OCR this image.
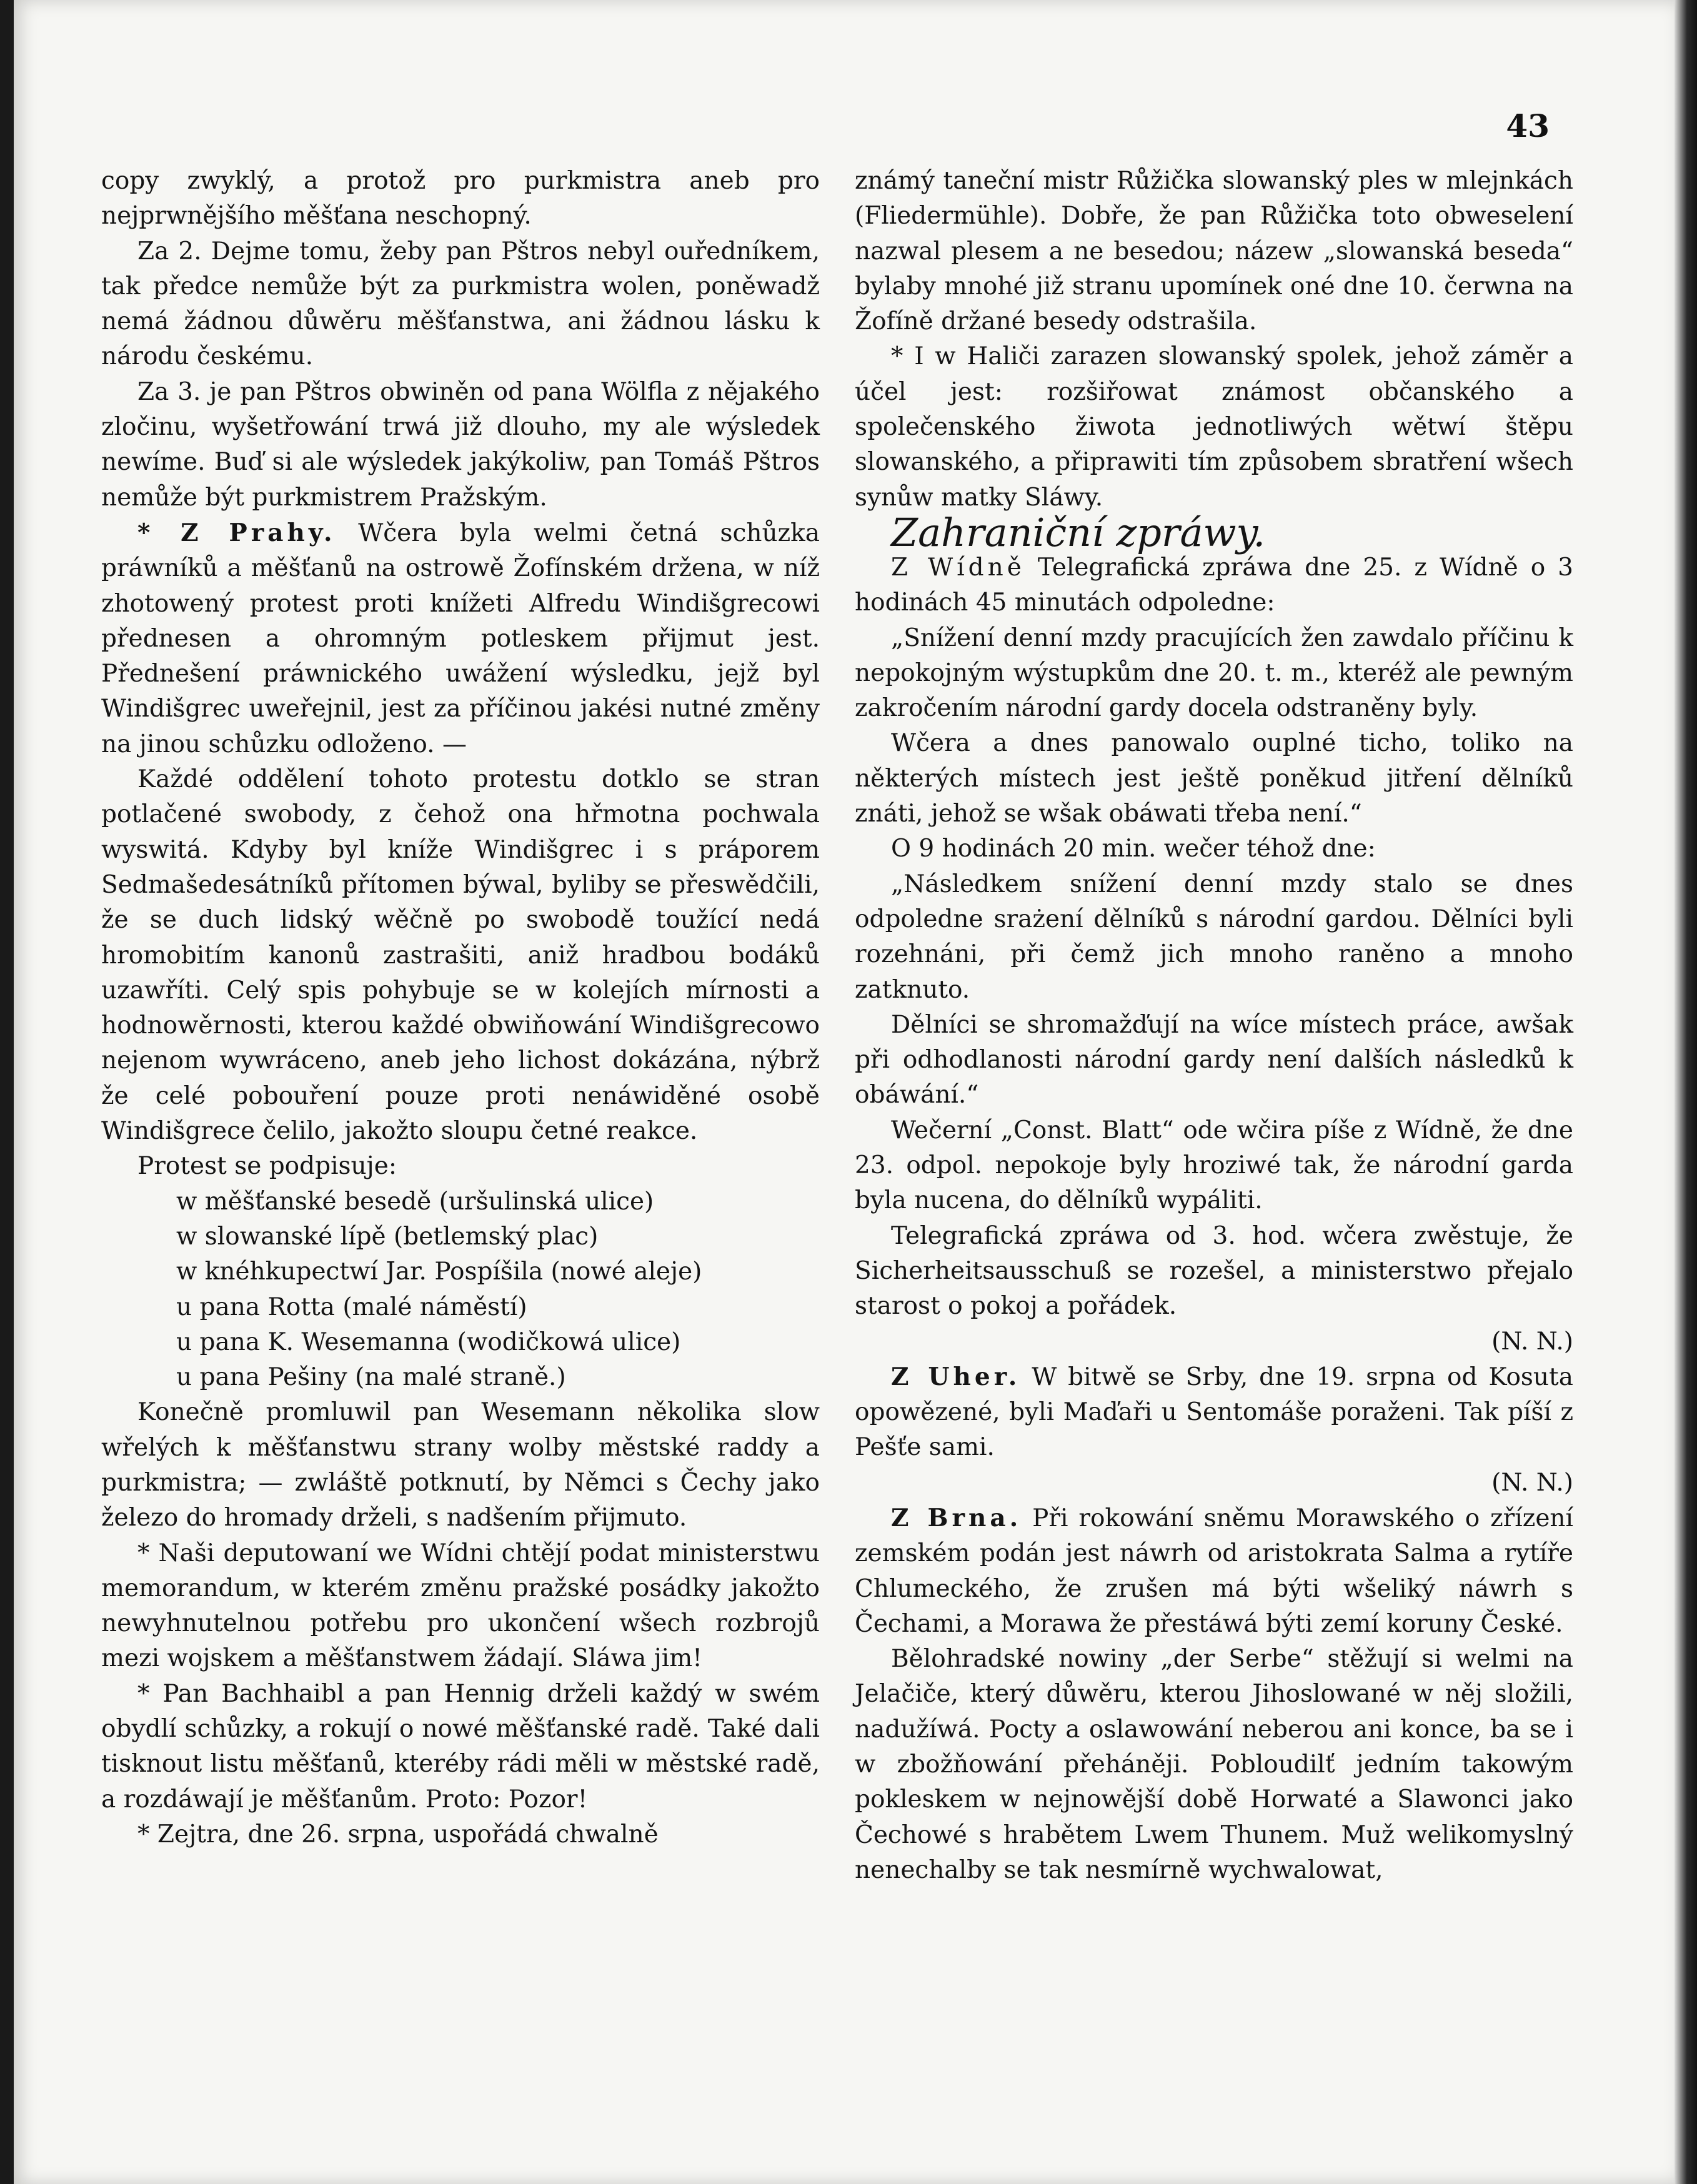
43

copy zwyklý, a protož pro purkmistra aneb pro nejprwnějšího měšťana neschopný.

Za 2. Dejme tomu, žeby pan Pštros nebyl ouředníkem, tak předce nemůže být za purkmistra wolen, poněwadž nemá žádnou důwěru měšťanstwa, ani žádnou lásku k národu českému.

Za 3. je pan Pštros obwiněn od pana Wölfla z nějakého zločinu, wyšetřowání trwá již dlouho, my ale wýsledek newíme. Buď si ale wýsledek jakýkoliw, pan Tomáš Pštros nemůže být purkmistrem Pražským.

* Z Prahy. Wčera byla welmi četná schůzka práwníků a měšťanů na ostrowě Žofínském držena, w níž zhotowený protest proti knížeti Alfredu Windišgrecowi přednesen a ohromným potleskem přijmut jest. Přednešení práwnického uwážení wýsledku, jejž byl Windišgrec uweřejnil, jest za příčinou jakési nutné změny na jinou schůzku odloženo. —

Každé oddělení tohoto protestu dotklo se stran potlačené swobody, z čehož ona hřmotna pochwala wyswitá. Kdyby byl kníže Windišgrec i s práporem Sedmašedesátníků přítomen býwal, byliby se přeswědčili, že se duch lidský wěčně po swobodě toužící nedá hromobitím kanonů zastrašiti, aniž hradbou bodáků uzawříti. Celý spis pohybuje se w kolejích mírnosti a hodnowěrnosti, kterou každé obwiňowání Windišgrecowo nejenom wywráceno, aneb jeho lichost dokázána, nýbrž že celé pobouření pouze proti nenáwiděné osobě Windišgrece čelilo, jakožto sloupu četné reakce.

Protest se podpisuje:

w měšťanské besedě (uršulinská ulice)

w slowanské lípě (betlemský plac)

w knéhkupectwí Jar. Pospíšila (nowé aleje)

u pana Rotta (malé náměstí)

u pana K. Wesemanna (wodičkowá ulice)

u pana Pešiny (na malé straně.)

Konečně promluwil pan Wesemann několika slow wřelých k měšťanstwu strany wolby městské raddy a purkmistra; — zwláště potknutí, by Němci s Čechy jako železo do hromady drželi, s nadšením přijmuto.

* Naši deputowaní we Wídni chtějí podat ministerstwu memorandum, w kterém změnu pražské posádky jakožto newyhnutelnou potřebu pro ukončení wšech rozbrojů mezi wojskem a měšťanstwem žádají. Sláwa jim!

* Pan Bachhaibl a pan Hennig drželi každý w swém obydlí schůzky, a rokují o nowé měšťanské radě. Také dali tisknout listu měšťanů, kteréby rádi měli w městské radě, a rozdáwají je měšťanům. Proto: Pozor!

* Zejtra, dne 26. srpna, uspořádá chwalně

známý taneční mistr Růžička slowanský ples w mlejnkách (Fliedermühle). Dobře, že pan Růžička toto obweselení nazwal plesem a ne besedou; názew „slowanská beseda“ bylaby mnohé již stranu upomínek oné dne 10. čerwna na Žofíně držané besedy odstrašila.

* I w Haliči zarazen slowanský spolek, jehož záměr a účel jest: rozšiřowat známost občanského a společenského žiwota jednotliwých wětwí štěpu slowanského, a připrawiti tím způsobem sbratření wšech synůw matky Sláwy.

Zahraniční zpráwy.

Z Wídně Telegrafická zpráwa dne 25. z Wídně o 3 hodinách 45 minutách odpoledne:

„Snížení denní mzdy pracujících žen zawdalo příčinu k nepokojným wýstupkům dne 20. t. m., kteréž ale pewným zakročením národní gardy docela odstraněny byly.

Wčera a dnes panowalo ouplné ticho, toliko na některých místech jest ještě poněkud jitření dělníků znáti, jehož se wšak obáwati třeba není.“

O 9 hodinách 20 min. wečer téhož dne:

„Následkem snížení denní mzdy stalo se dnes odpoledne srażení dělníků s národní gardou. Dělníci byli rozehnáni, při čemž jich mnoho raněno a mnoho zatknuto.

Dělníci se shromažďují na wíce místech práce, awšak při odhodlanosti národní gardy není dalších následků k obáwání.“

Wečerní „Const. Blatt“ ode wčira píše z Wídně, že dne 23. odpol. nepokoje byly hroziwé tak, že národní garda byla nucena, do dělníků wypáliti.

Telegrafická zpráwa od 3. hod. wčera zwěstuje, že Sicherheitsausschuß se rozešel, a ministerstwo přejalo starost o pokoj a pořádek.

(N. N.)

Z Uher. W bitwě se Srby, dne 19. srpna od Kosuta opowězené, byli Maďaři u Sentomáše poraženi. Tak píší z Pešťe sami.
(N. N.)

Z Brna. Při rokowání sněmu Morawského o zřízení zemském podán jest náwrh od aristokrata Salma a rytíře Chlumeckého, že zrušen má býti wšeliký náwrh s Čechami, a Morawa že přestáwá býti zemí koruny České.

Bělohradské nowiny „der Serbe“ stěžují si welmi na Jelačiče, který důwěru, kterou Jihoslowané w něj složili, nadužíwá. Pocty a oslawowání neberou ani konce, ba se i w zbožňowání přeháněji. Pobloudilť jedním takowým pokleskem w nejnowější době Horwaté a Slawonci jako Čechowé s hrabětem Lwem Thunem. Muž welikomyslný nenechalby se tak nesmírně wychwalowat,
